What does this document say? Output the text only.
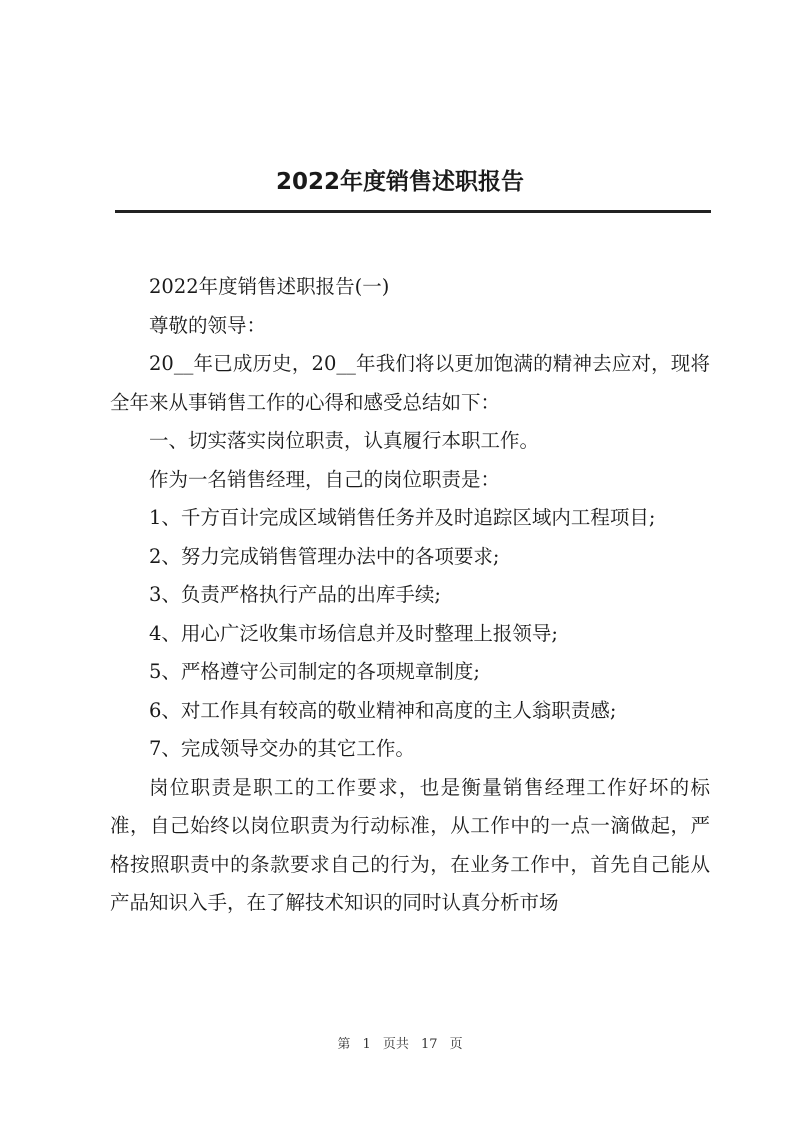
2022年度销售述职报告

2022年度销售述职报告(一)

尊敬的领导：

20__年已成历史，20__年我们将以更加饱满的精神去应对，现将全年来从事销售工作的心得和感受总结如下：

一、切实落实岗位职责，认真履行本职工作。

作为一名销售经理，自己的岗位职责是：

1、千方百计完成区域销售任务并及时追踪区域内工程项目;

2、努力完成销售管理办法中的各项要求;

3、负责严格执行产品的出库手续;

4、用心广泛收集市场信息并及时整理上报领导;

5、严格遵守公司制定的各项规章制度;

6、对工作具有较高的敬业精神和高度的主人翁职责感;

7、完成领导交办的其它工作。

岗位职责是职工的工作要求，也是衡量销售经理工作好坏的标准，自己始终以岗位职责为行动标准，从工作中的一点一滴做起，严格按照职责中的条款要求自己的行为，在业务工作中，首先自己能从产品知识入手，在了解技术知识的同时认真分析市场

第 1 页共 17 页
